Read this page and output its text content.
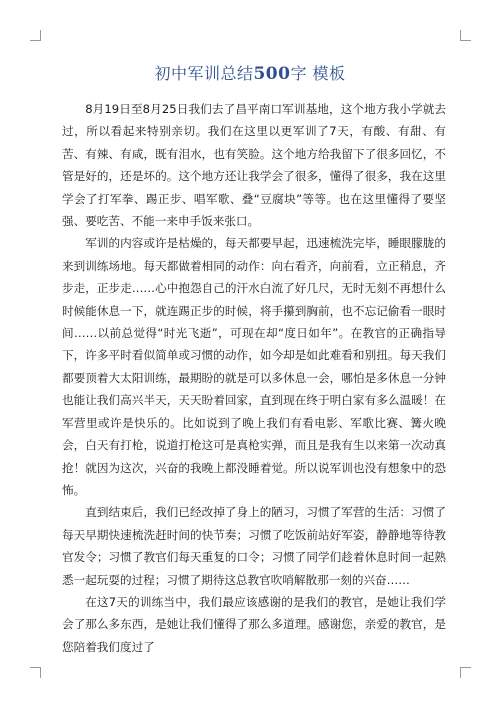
初中军训总结500字 模板

8月19日至8月25日我们去了昌平南口军训基地，这个地方我小学就去过，所以看起来特别亲切。我们在这里以更军训了7天，有酸、有甜、有苦、有辣、有咸，既有泪水，也有笑脸。这个地方给我留下了很多回忆，不管是好的，还是坏的。这个地方还让我学会了很多，懂得了很多，我在这里学会了打军拳、踢正步、唱军歌、叠“豆腐块”等等。也在这里懂得了要坚强、要吃苦、不能一来申手饭来张口。

军训的内容或许是枯燥的，每天都要早起，迅速梳洗完毕，睡眼朦胧的来到训练场地。每天都做着相同的动作：向右看齐，向前看，立正稍息，齐步走，正步走……心中抱怨自己的汗水白流了好几尺，无时无刻不再想什么时候能休息一下，就连踢正步的时候，将手攥到胸前，也不忘记偷看一眼时间……以前总觉得“时光飞逝”，可现在却“度日如年”。在教官的正确指导下，许多平时看似简单或习惯的动作，如今却是如此难看和别扭。每天我们都要顶着大太阳训练，最期盼的就是可以多休息一会，哪怕是多休息一分钟也能让我们高兴半天，天天盼着回家，直到现在终于明白家有多么温暖！在军营里或许是快乐的。比如说到了晚上我们有看电影、军歌比赛、篝火晚会，白天有打枪，说道打枪这可是真枪实弹，而且是我有生以来第一次动真抢！就因为这次，兴奋的我晚上都没睡着觉。所以说军训也没有想象中的恐怖。

直到结束后，我们已经改掉了身上的陋习，习惯了军营的生活：习惯了每天早期快速梳洗赶时间的快节奏；习惯了吃饭前站好军姿，静静地等待教官发令；习惯了教官们每天重复的口令；习惯了同学们趁着休息时间一起熟悉一起玩耍的过程；习惯了期待这总教官吹哨解散那一刻的兴奋……

在这7天的训练当中，我们最应该感谢的是我们的教官，是她让我们学会了那么多东西，是她让我们懂得了那么多道理。感谢您，亲爱的教官，是您陪着我们度过了
